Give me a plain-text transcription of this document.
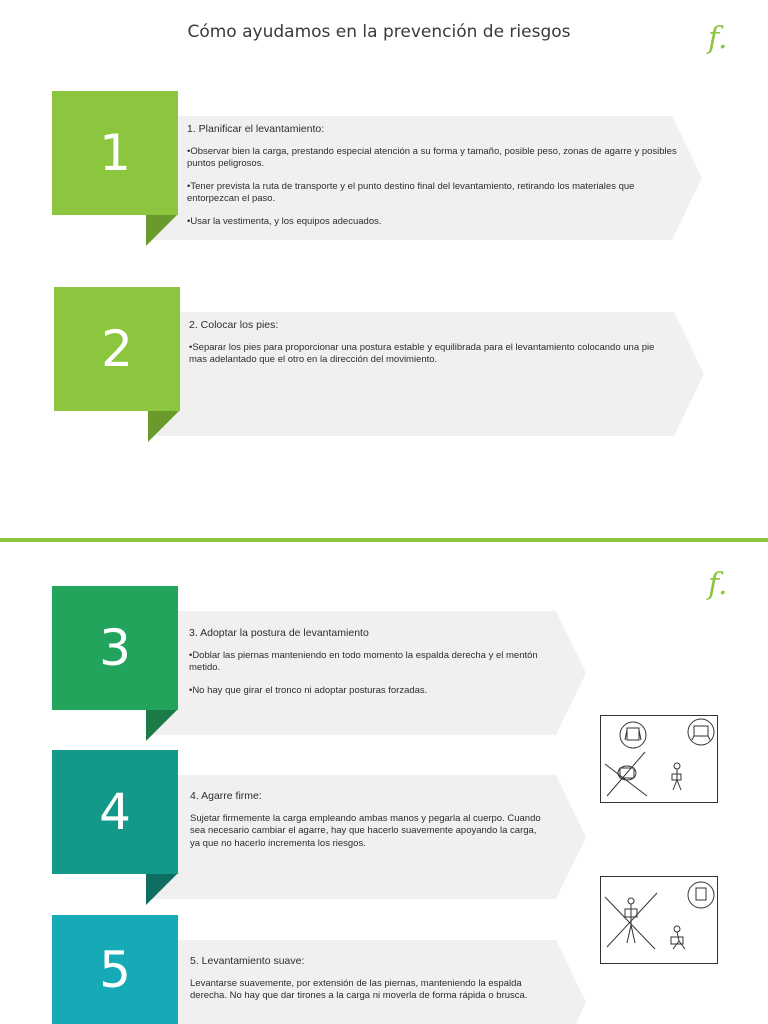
Cómo ayudamos en la prevención de riesgos	f.
1	1. Planificar el levantamiento:
•Observar bien la carga, prestando especial atención a su forma y tamaño, posible peso, zonas de agarre y posibles puntos peligrosos.
•Tener prevista la ruta de transporte y el punto destino final del levantamiento, retirando los materiales que entorpezcan el paso.
•Usar la vestimenta, y los equipos adecuados.
2	2. Colocar los pies:
•Separar los pies para proporcionar una postura estable y equilibrada para el levantamiento colocando una pie mas adelantado que el otro en la dirección del movimiento.
f.
3	3. Adoptar la postura de levantamiento
•Doblar las piernas manteniendo en todo momento la espalda derecha y el mentón metido.
•No hay que girar el tronco ni adoptar posturas forzadas.
4	4. Agarre firme:
Sujetar firmemente la carga empleando ambas manos y pegarla al cuerpo. Cuando sea necesario cambiar el agarre, hay que hacerlo suavemente apoyando la carga, ya que no hacerlo incrementa los riesgos.
5	5. Levantamiento suave:
Levantarse suavemente, por extensión de las piernas, manteniendo la espalda derecha. No hay que dar tirones a la carga ni moverla de forma rápida o brusca.
